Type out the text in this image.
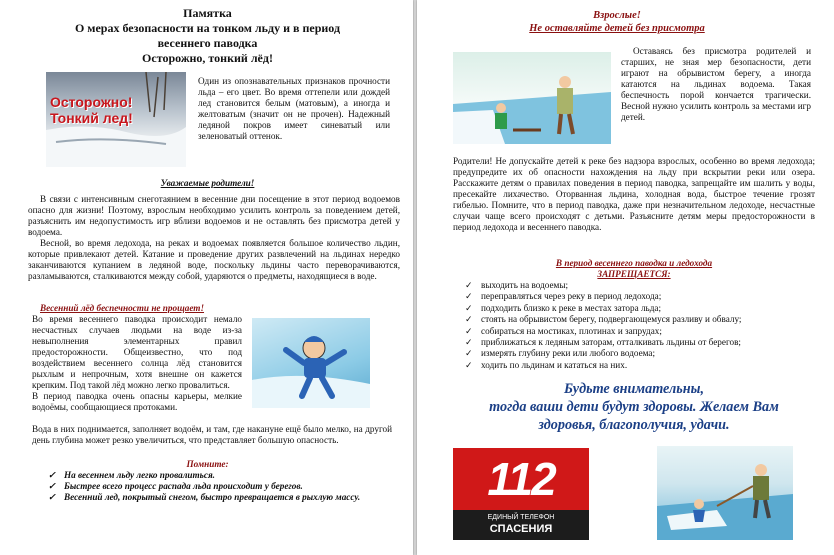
Памятка

О мерах безопасности на тонком льду и в период весеннего паводка

Осторожно, тонкий лёд!

Осторожно!
Тонкий лед!

Один из опознавательных признаков прочности льда – его цвет. Во время оттепели или дождей лед становится белым (матовым), а иногда и желтоватым (значит он не прочен). Надежный ледяной покров имеет синеватый или зеленоватый оттенок.

Уважаемые родители!

В связи с интенсивным снеготаянием в весенние дни посещение в этот период водоемов опасно для жизни! Поэтому, взрослым необходимо усилить контроль за поведением детей, разъяснить им недопустимость игр вблизи водоемов и не оставлять без присмотра детей у водоема.

Весной, во время ледохода, на реках и водоемах появляется большое количество льдин, которые привлекают детей. Катание и проведение других развлечений на льдинах нередко заканчиваются купанием в ледяной воде, поскольку льдины часто переворачиваются, разламываются, сталкиваются между собой, ударяются о предметы, находящиеся в воде.

Весенний лёд беспечности не прощает!

Во время весеннего паводка происходит немало несчастных случаев людьми на воде из-за невыполнения элементарных правил предосторожности. Общеизвестно, что под воздействием весеннего солнца лёд становится рыхлым и непрочным, хотя внешне он кажется крепким. Под такой лёд можно легко провалиться.

В период паводка очень опасны карьеры, мелкие водоёмы, сообщающиеся протоками.

Вода в них поднимается, заполняет водоём, и там, где накануне ещё было мелко, на другой день глубина может резко увеличиться, что представляет большую опасность.

Помните:

✓ На весеннем льду легко провалиться.
✓ Быстрее всего процесс распада льда происходит у берегов.
✓ Весенний лед, покрытый снегом, быстро превращается в рыхлую массу.

Взрослые!

Не оставляйте детей без присмотра

Оставаясь без присмотра родителей и старших, не зная мер безопасности, дети играют на обрывистом берегу, а иногда катаются на льдинах водоема. Такая беспечность порой кончается трагически. Весной нужно усилить контроль за местами игр детей.

Родители! Не допускайте детей к реке без надзора взрослых, особенно во время ледохода; предупредите их об опасности нахождения на льду при вскрытии реки или озера. Расскажите детям о правилах поведения в период паводка, запрещайте им шалить у воды, пресекайте лихачество. Оторванная льдина, холодная вода, быстрое течение грозят гибелью. Помните, что в период паводка, даже при незначительном ледоходе, несчастные случаи чаще всего происходят с детьми. Разъясните детям меры предосторожности в период ледохода и весеннего паводка.

В период весеннего паводка и ледохода

ЗАПРЕЩАЕТСЯ:

✓ выходить на водоемы;
✓ переправляться через реку в период ледохода;
✓ подходить близко к реке в местах затора льда;
✓ стоять на обрывистом берегу, подвергающемуся разливу и обвалу;
✓ собираться на мостиках, плотинах и запрудах;
✓ приближаться к ледяным заторам, отталкивать льдины от берегов;
✓ измерять глубину реки или любого водоема;
✓ ходить по льдинам и кататься на них.

Будьте внимательны,

тогда ваши дети будут здоровы. Желаем Вам

здоровья, благополучия, удачи.

112
ЕДИНЫЙ ТЕЛЕФОН
СПАСЕНИЯ
